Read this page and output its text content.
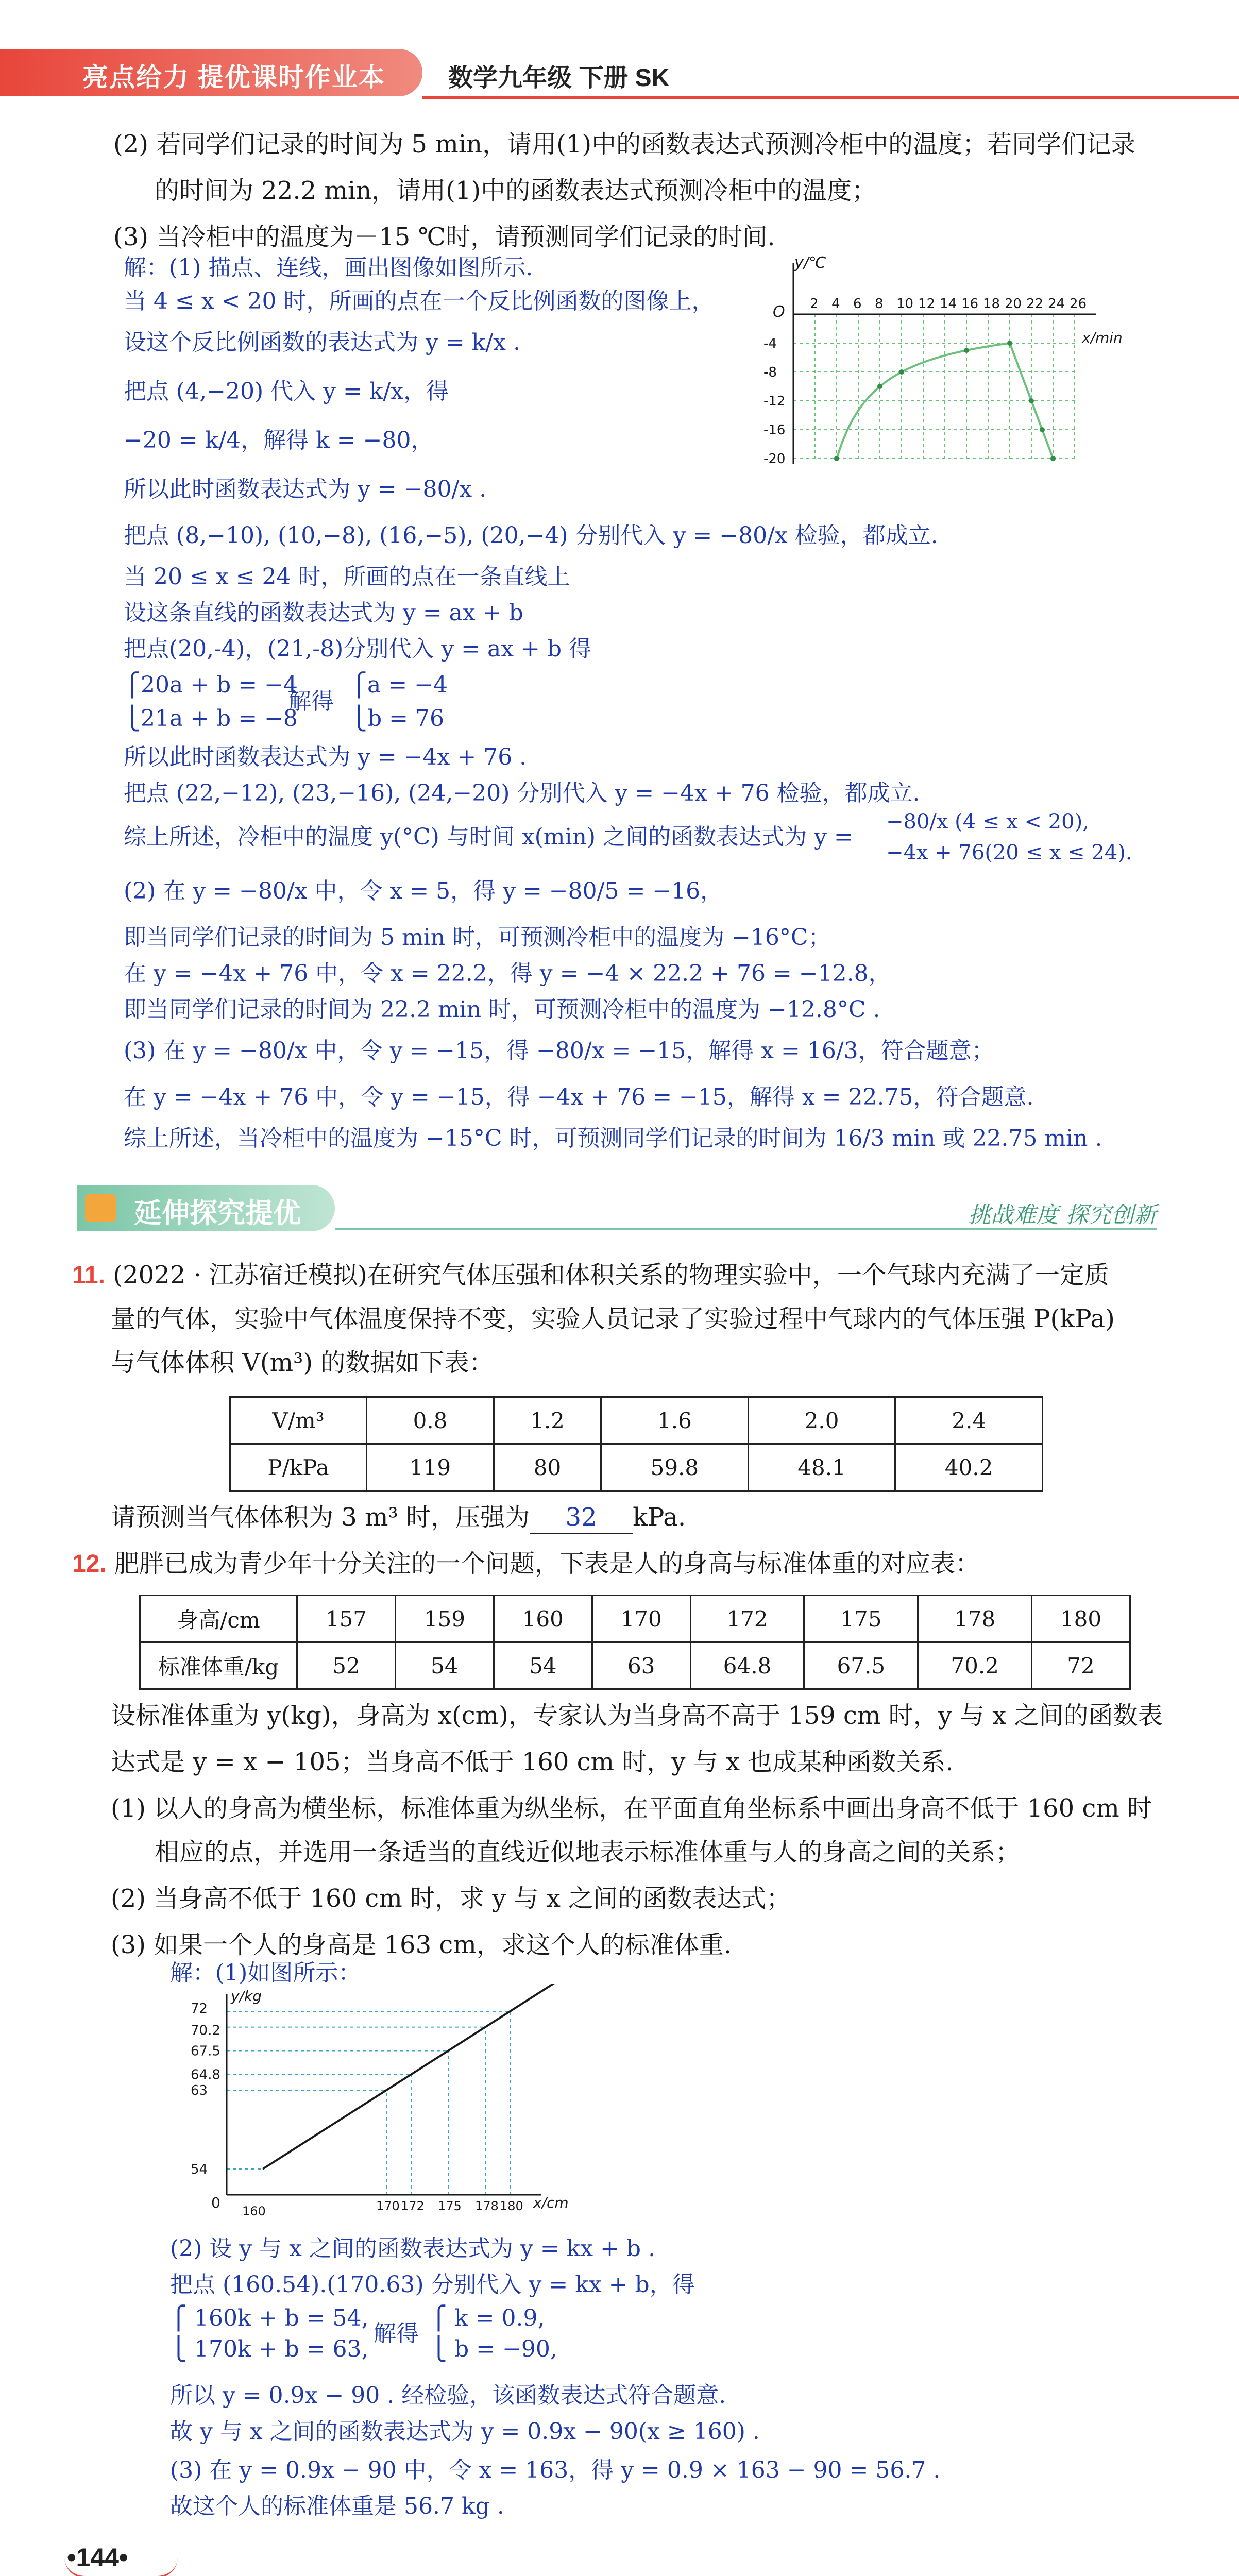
亮点给力 提优课时作业本	数学九年级 下册 SK
(2) 若同学们记录的时间为 5 min，请用(1)中的函数表达式预测冷柜中的温度；若同学们记录
的时间为 22.2 min，请用(1)中的函数表达式预测冷柜中的温度；
(3) 当冷柜中的温度为－15 ℃时，请预测同学们记录的时间.
解：(1) 描点、连线，画出图像如图所示.
当 4 ≤ x < 20 时，所画的点在一个反比例函数的图像上，
设这个反比例函数的表达式为 y = k/x .
把点 (4,−20) 代入 y = k/x，得
−20 = k/4，解得 k = −80，
所以此时函数表达式为 y = −80/x .
把点 (8,−10), (10,−8), (16,−5), (20,−4) 分别代入 y = −80/x 检验，都成立.
当 20 ≤ x ≤ 24 时，所画的点在一条直线上
设这条直线的函数表达式为 y = ax + b
把点(20,-4)，(21,-8)分别代入 y = ax + b 得
⎧20a + b = −4
⎩21a + b = −8
解得
⎧a = −4
⎩b = 76
所以此时函数表达式为 y = −4x + 76 .
把点 (22,−12), (23,−16), (24,−20) 分别代入 y = −4x + 76 检验，都成立.
综上所述，冷柜中的温度 y(°C) 与时间 x(min) 之间的函数表达式为 y =
−80/x (4 ≤ x < 20),
−4x + 76(20 ≤ x ≤ 24).
(2) 在 y = −80/x 中，令 x = 5，得 y = −80/5 = −16，
即当同学们记录的时间为 5 min 时，可预测冷柜中的温度为 −16°C；
在 y = −4x + 76 中，令 x = 22.2，得 y = −4 × 22.2 + 76 = −12.8，
即当同学们记录的时间为 22.2 min 时，可预测冷柜中的温度为 −12.8°C .
(3) 在 y = −80/x 中，令 y = −15，得 −80/x = −15，解得 x = 16/3，符合题意；
在 y = −4x + 76 中，令 y = −15，得 −4x + 76 = −15，解得 x = 22.75，符合题意.
综上所述，当冷柜中的温度为 −15°C 时，可预测同学们记录的时间为 16/3 min 或 22.75 min .
y/℃
O
x/min
2 4 6 8 10 12 14 16 18 20 22 24 26
-4
-8
-12
-16
-20
延伸探究提优	挑战难度 探究创新
11. (2022 · 江苏宿迁模拟)在研究气体压强和体积关系的物理实验中，一个气球内充满了一定质
量的气体，实验中气体温度保持不变，实验人员记录了实验过程中气球内的气体压强 P(kPa)
与气体体积 V(m³) 的数据如下表：
V/m³	0.8	1.2	1.6	2.0	2.4
P/kPa	119	80	59.8	48.1	40.2
请预测当气体体积为 3 m³ 时，压强为 32 kPa.
12. 肥胖已成为青少年十分关注的一个问题，下表是人的身高与标准体重的对应表：
身高/cm	157	159	160	170	172	175	178	180
标准体重/kg	52	54	54	63	64.8	67.5	70.2	72
设标准体重为 y(kg)，身高为 x(cm)，专家认为当身高不高于 159 cm 时，y 与 x 之间的函数表
达式是 y = x − 105；当身高不低于 160 cm 时，y 与 x 也成某种函数关系.
(1) 以人的身高为横坐标，标准体重为纵坐标，在平面直角坐标系中画出身高不低于 160 cm 时
相应的点，并选用一条适当的直线近似地表示标准体重与人的身高之间的关系；
(2) 当身高不低于 160 cm 时，求 y 与 x 之间的函数表达式；
(3) 如果一个人的身高是 163 cm，求这个人的标准体重.
解：(1)如图所示：
y/kg
x/cm
0 160	170 172 175 178 180
72
70.2
67.5
64.8
63
54
(2) 设 y 与 x 之间的函数表达式为 y = kx + b .
把点 (160.54).(170.63) 分别代入 y = kx + b，得
⎧ 160k + b = 54,
⎩ 170k + b = 63,
解得
⎧ k = 0.9,
⎩ b = −90,
所以 y = 0.9x − 90 . 经检验，该函数表达式符合题意.
故 y 与 x 之间的函数表达式为 y = 0.9x − 90(x ≥ 160) .
(3) 在 y = 0.9x − 90 中，令 x = 163，得 y = 0.9 × 163 − 90 = 56.7 .
故这个人的标准体重是 56.7 kg .
•144•
